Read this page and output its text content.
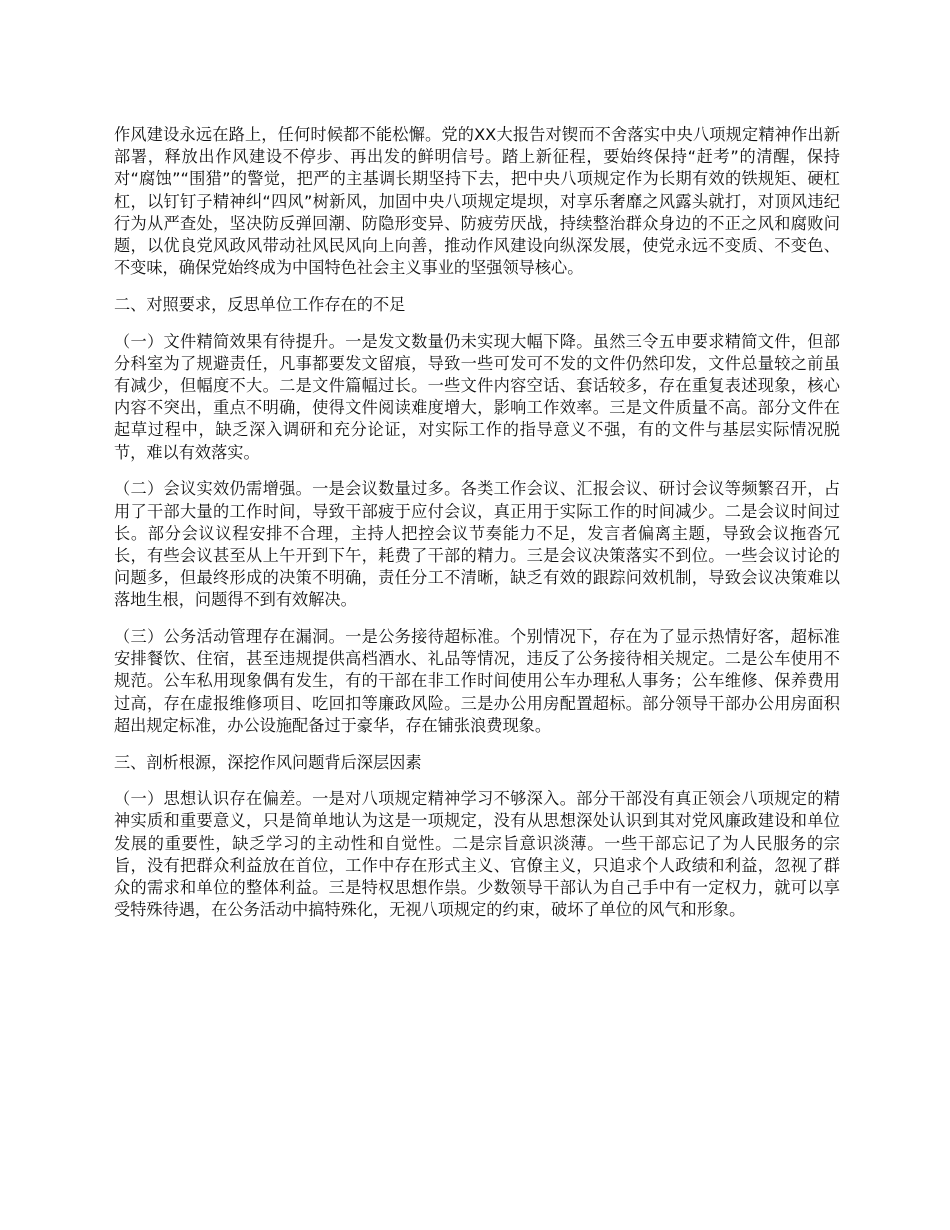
作风建设永远在路上，任何时候都不能松懈。党的XX大报告对锲而不舍落实中央八项规定精神作出新部署，释放出作风建设不停步、再出发的鲜明信号。踏上新征程，要始终保持“赶考”的清醒，保持对“腐蚀”“围猎”的警觉，把严的主基调长期坚持下去，把中央八项规定作为长期有效的铁规矩、硬杠杠，以钉钉子精神纠“四风”树新风，加固中央八项规定堤坝，对享乐奢靡之风露头就打，对顶风违纪行为从严查处，坚决防反弹回潮、防隐形变异、防疲劳厌战，持续整治群众身边的不正之风和腐败问题，以优良党风政风带动社风民风向上向善，推动作风建设向纵深发展，使党永远不变质、不变色、不变味，确保党始终成为中国特色社会主义事业的坚强领导核心。

二、对照要求，反思单位工作存在的不足

（一）文件精简效果有待提升。一是发文数量仍未实现大幅下降。虽然三令五申要求精简文件，但部分科室为了规避责任，凡事都要发文留痕，导致一些可发可不发的文件仍然印发，文件总量较之前虽有减少，但幅度不大。二是文件篇幅过长。一些文件内容空话、套话较多，存在重复表述现象，核心内容不突出，重点不明确，使得文件阅读难度增大，影响工作效率。三是文件质量不高。部分文件在起草过程中，缺乏深入调研和充分论证，对实际工作的指导意义不强，有的文件与基层实际情况脱节，难以有效落实。

（二）会议实效仍需增强。一是会议数量过多。各类工作会议、汇报会议、研讨会议等频繁召开，占用了干部大量的工作时间，导致干部疲于应付会议，真正用于实际工作的时间减少。二是会议时间过长。部分会议议程安排不合理，主持人把控会议节奏能力不足，发言者偏离主题，导致会议拖沓冗长，有些会议甚至从上午开到下午，耗费了干部的精力。三是会议决策落实不到位。一些会议讨论的问题多，但最终形成的决策不明确，责任分工不清晰，缺乏有效的跟踪问效机制，导致会议决策难以落地生根，问题得不到有效解决。

（三）公务活动管理存在漏洞。一是公务接待超标准。个别情况下，存在为了显示热情好客，超标准安排餐饮、住宿，甚至违规提供高档酒水、礼品等情况，违反了公务接待相关规定。二是公车使用不规范。公车私用现象偶有发生，有的干部在非工作时间使用公车办理私人事务；公车维修、保养费用过高，存在虚报维修项目、吃回扣等廉政风险。三是办公用房配置超标。部分领导干部办公用房面积超出规定标准，办公设施配备过于豪华，存在铺张浪费现象。

三、剖析根源，深挖作风问题背后深层因素

（一）思想认识存在偏差。一是对八项规定精神学习不够深入。部分干部没有真正领会八项规定的精神实质和重要意义，只是简单地认为这是一项规定，没有从思想深处认识到其对党风廉政建设和单位发展的重要性，缺乏学习的主动性和自觉性。二是宗旨意识淡薄。一些干部忘记了为人民服务的宗旨，没有把群众利益放在首位，工作中存在形式主义、官僚主义，只追求个人政绩和利益，忽视了群众的需求和单位的整体利益。三是特权思想作祟。少数领导干部认为自己手中有一定权力，就可以享受特殊待遇，在公务活动中搞特殊化，无视八项规定的约束，破坏了单位的风气和形象。
